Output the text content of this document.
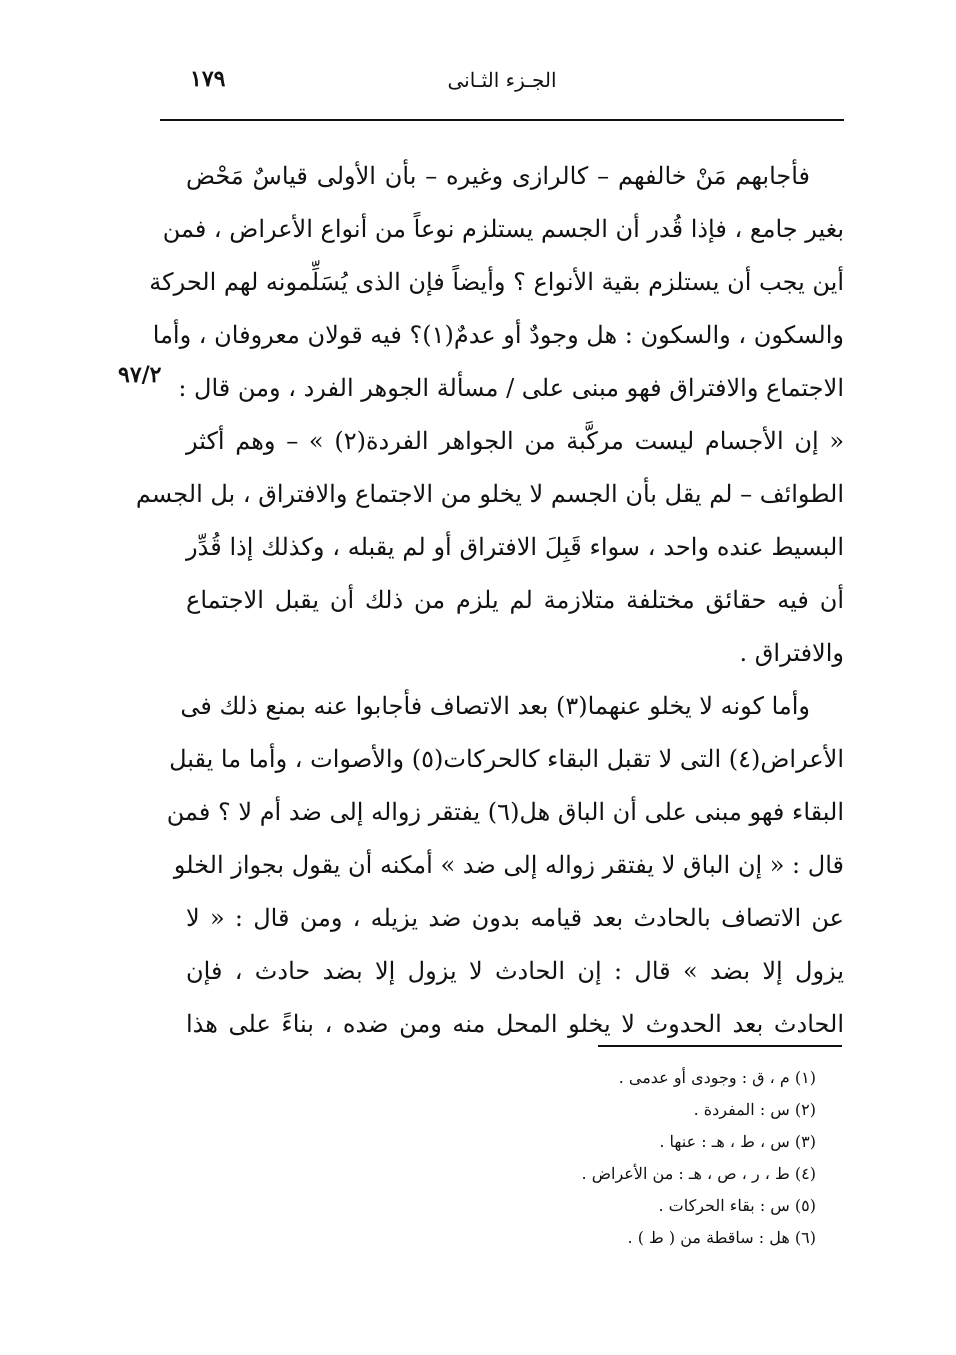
١٧٩	الجـزء الثـانى
٩٧/٢
فأجابهم مَنْ خالفهم – كالرازى وغيره – بأن الأولى قياسٌ مَحْض
بغير جامع ، فإذا قُدر أن الجسم يستلزم نوعاً من أنواع الأعراض ، فمن
أين يجب أن يستلزم بقية الأنواع ؟ وأيضاً فإن الذى يُسَلِّمونه لهم الحركة
والسكون ، والسكون : هل وجودٌ أو عدمٌ(١)؟ فيه قولان معروفان ، وأما
الاجتماع والافتراق فهو مبنى على / مسألة الجوهر الفرد ، ومن قال :
« إن الأجسام ليست مركَّبة من الجواهر الفردة(٢) » – وهم أكثر
الطوائف – لم يقل بأن الجسم لا يخلو من الاجتماع والافتراق ، بل الجسم
البسيط عنده واحد ، سواء قَبِلَ الافتراق أو لم يقبله ، وكذلك إذا قُدِّر
أن فيه حقائق مختلفة متلازمة لم يلزم من ذلك أن يقبل الاجتماع
والافتراق .
وأما كونه لا يخلو عنهما(٣) بعد الاتصاف فأجابوا عنه بمنع ذلك فى
الأعراض(٤) التى لا تقبل البقاء كالحركات(٥) والأصوات ، وأما ما يقبل
البقاء فهو مبنى على أن الباق هل(٦) يفتقر زواله إلى ضد أم لا ؟ فمن
قال : « إن الباق لا يفتقر زواله إلى ضد » أمكنه أن يقول بجواز الخلو
عن الاتصاف بالحادث بعد قيامه بدون ضد يزيله ، ومن قال : « لا
يزول إلا بضد » قال : إن الحادث لا يزول إلا بضد حادث ، فإن
الحادث بعد الحدوث لا يخلو المحل منه ومن ضده ، بناءً على هذا
(١) م ، ق : وجودى أو عدمى .
(٢) س : المفردة .
(٣) س ، ط ، هـ : عنها .
(٤) ط ، ر ، ص ، هـ : من الأعراض .
(٥) س : بقاء الحركات .
(٦) هل : ساقطة من ( ط ) .
